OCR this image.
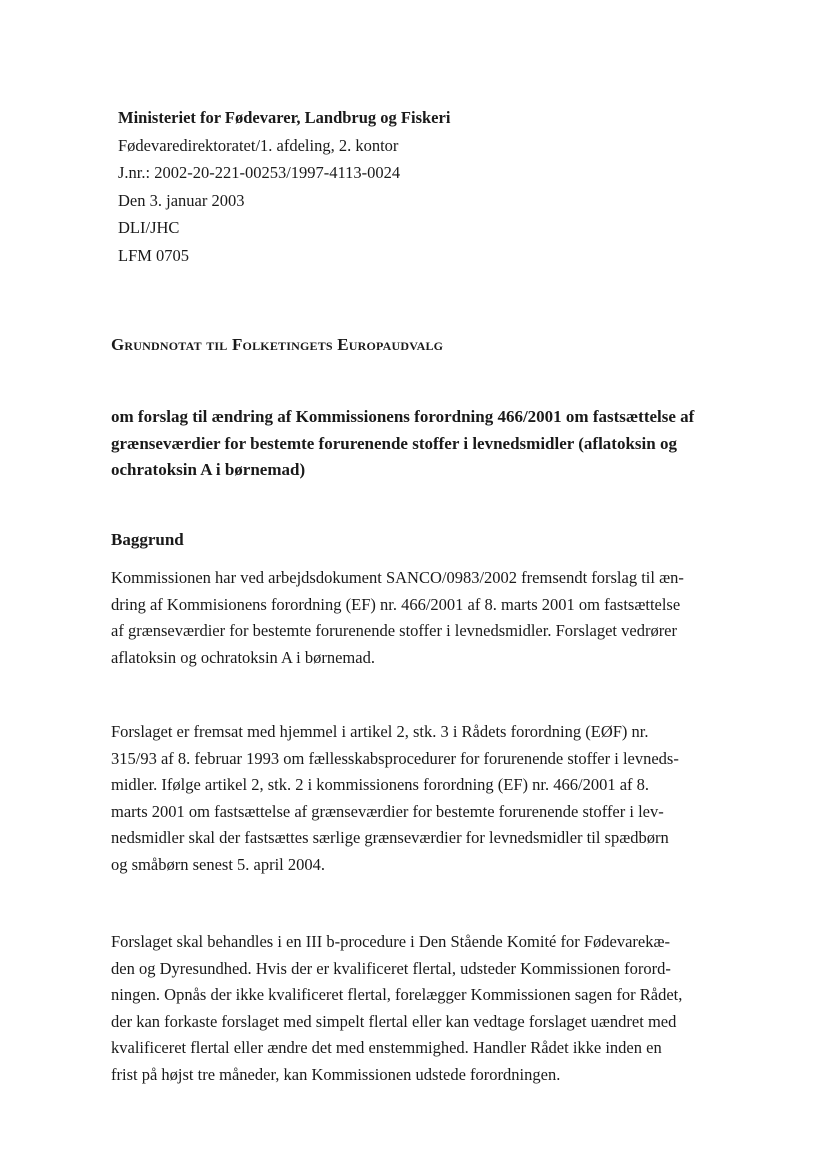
Ministeriet for Fødevarer, Landbrug og Fiskeri
Fødevaredirektoratet/1. afdeling, 2. kontor
J.nr.: 2002-20-221-00253/1997-4113-0024
Den 3. januar 2003
DLI/JHC
LFM 0705
Grundnotat til Folketingets Europaudvalg
om forslag til ændring af Kommissionens forordning 466/2001 om fastsættelse af
grænseværdier for bestemte forurenende stoffer i levnedsmidler (aflatoksin og
ochratoksin A i børnemad)
Baggrund
Kommissionen har ved arbejdsdokument SANCO/0983/2002 fremsendt forslag til æn-
dring af Kommisionens forordning (EF) nr. 466/2001 af 8. marts 2001 om fastsættelse
af grænseværdier for bestemte forurenende stoffer i levnedsmidler. Forslaget vedrører
aflatoksin og ochratoksin A i børnemad.
Forslaget er fremsat med hjemmel i artikel 2, stk. 3 i Rådets forordning (EØF) nr.
315/93 af 8. februar 1993 om fællesskabsprocedurer for forurenende stoffer i levneds-
midler. Ifølge artikel 2, stk. 2 i kommissionens forordning (EF) nr. 466/2001 af 8.
marts 2001 om fastsættelse af grænseværdier for bestemte forurenende stoffer i lev-
nedsmidler skal der fastsættes særlige grænseværdier for levnedsmidler til spædbørn
og småbørn senest 5. april 2004.
Forslaget skal behandles i en III b-procedure i Den Stående Komité for Fødevarekæ-
den og Dyresundhed. Hvis der er kvalificeret flertal, udsteder Kommissionen forord-
ningen. Opnås der ikke kvalificeret flertal, forelægger Kommissionen sagen for Rådet,
der kan forkaste forslaget med simpelt flertal eller kan vedtage forslaget uændret med
kvalificeret flertal eller ændre det med enstemmighed. Handler Rådet ikke inden en
frist på højst tre måneder, kan Kommissionen udstede forordningen.
